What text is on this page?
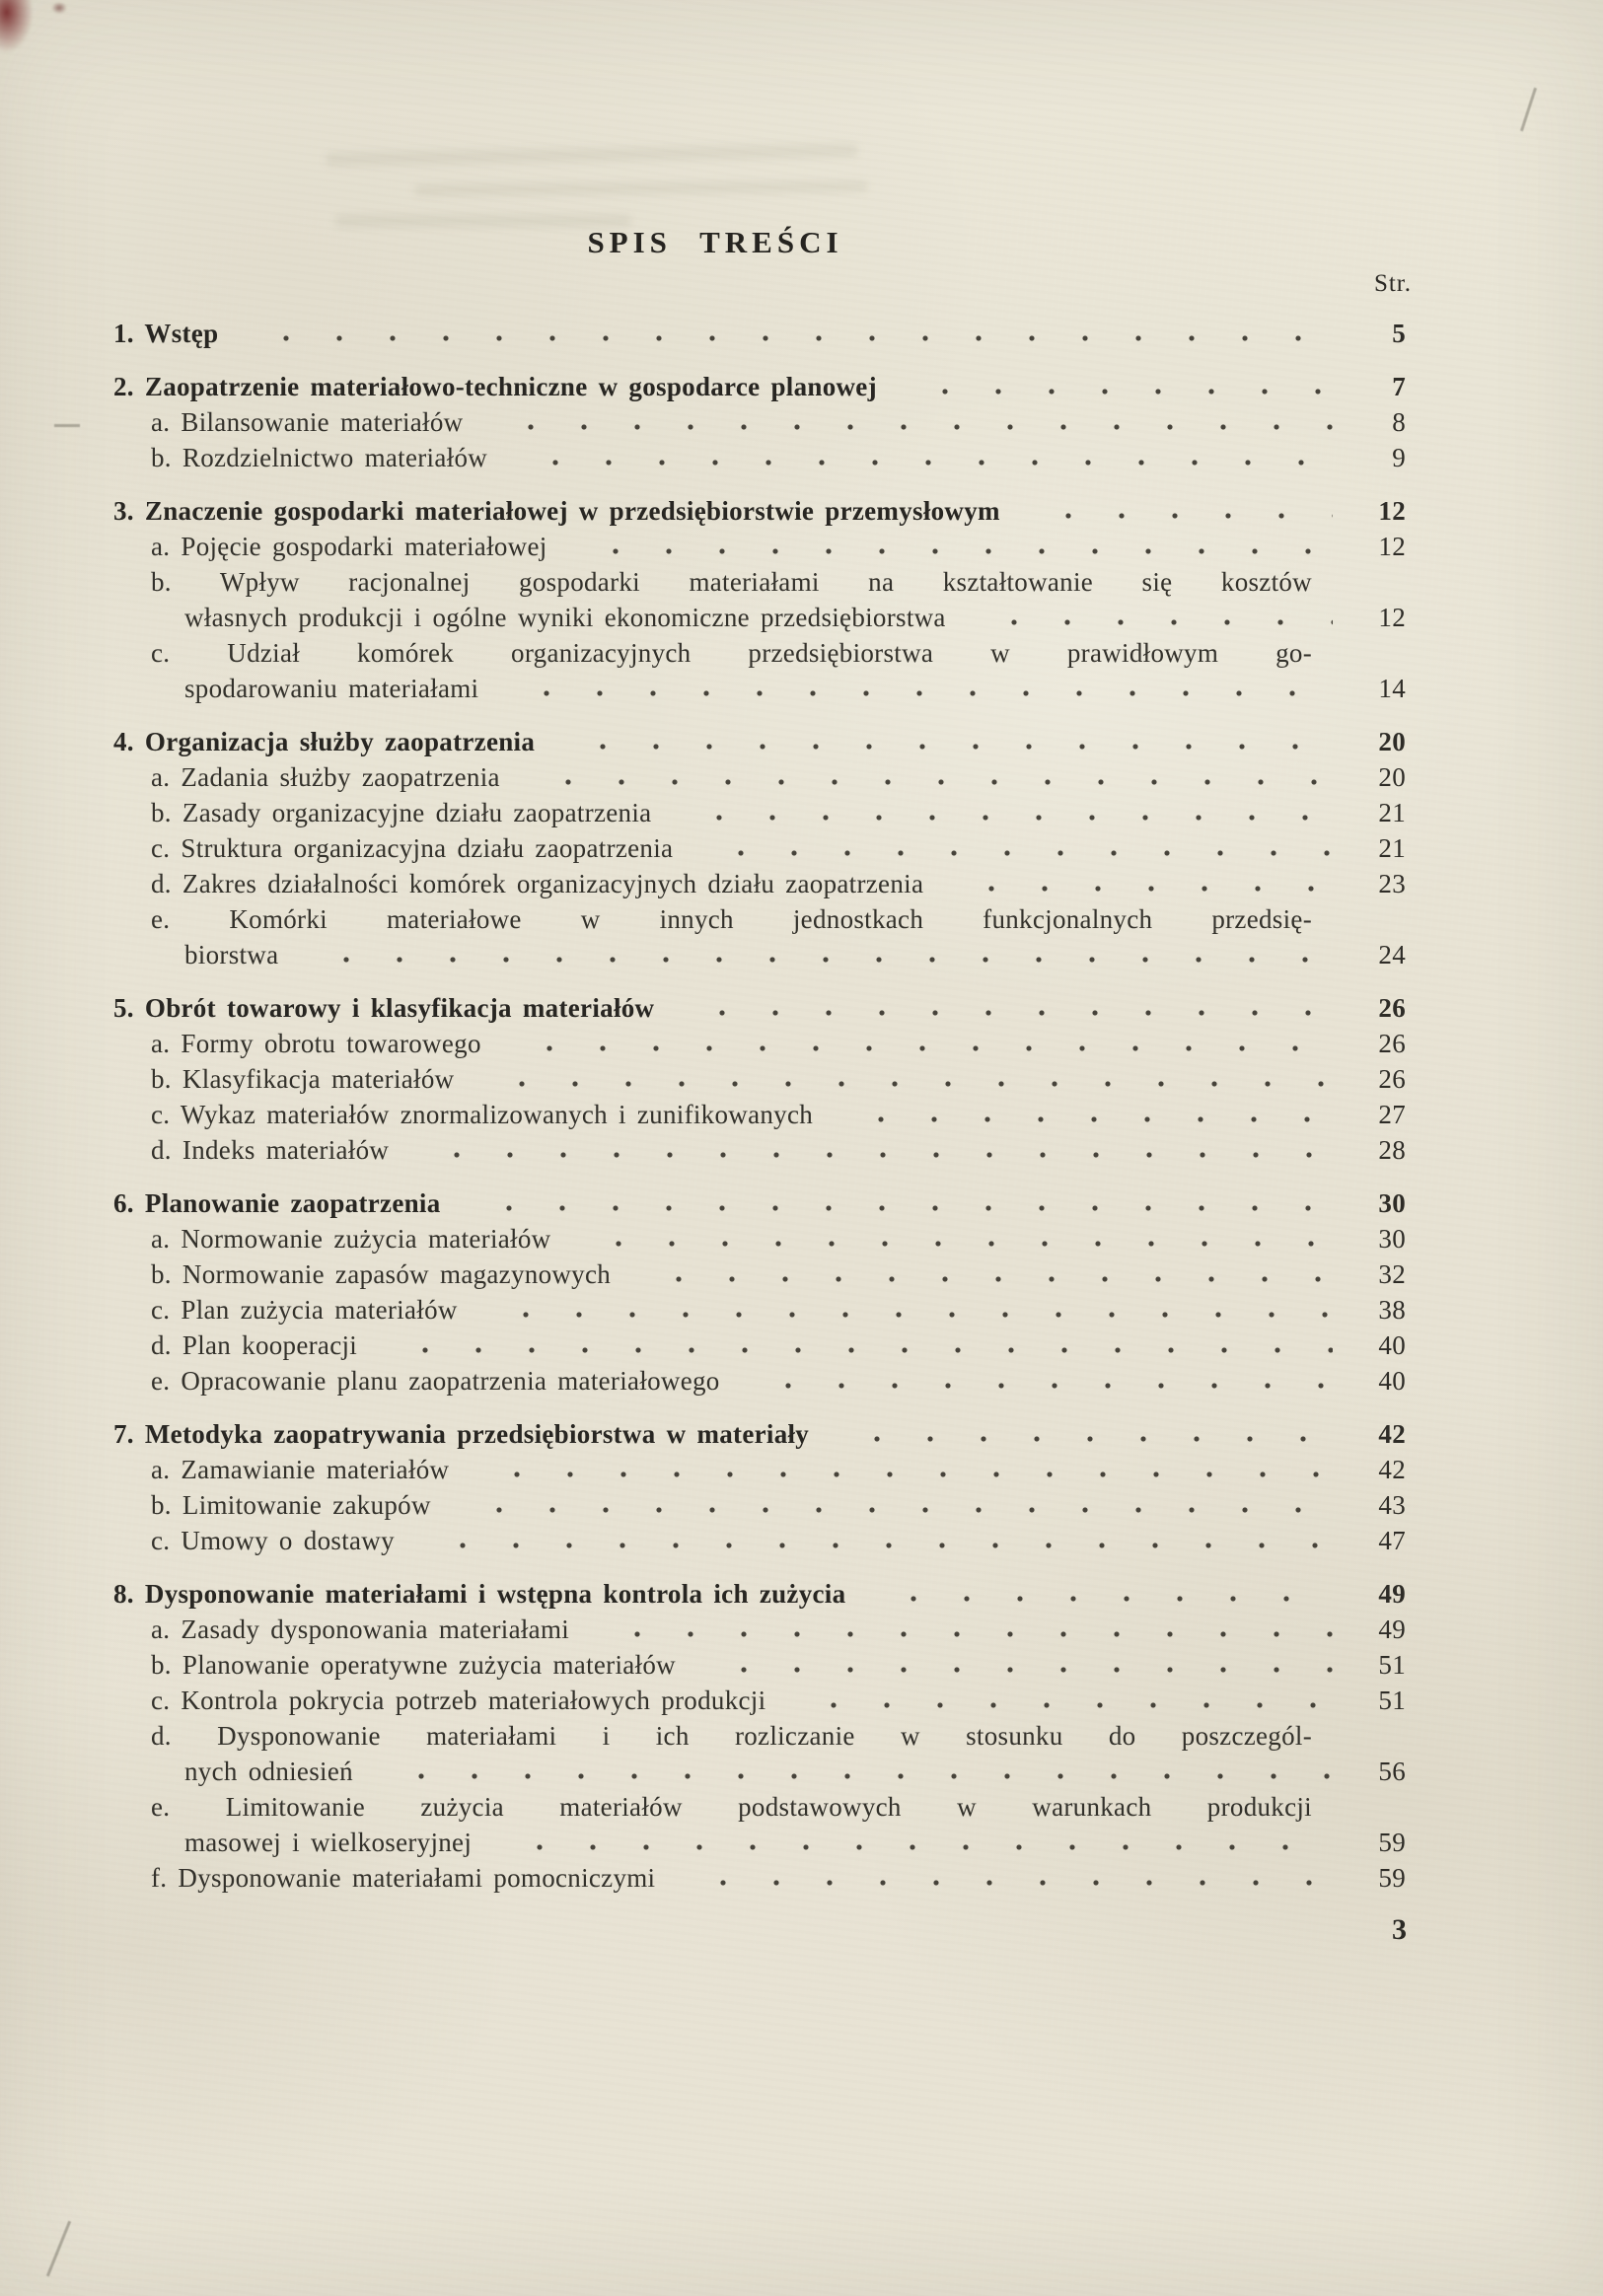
SPIS TREŚCI
Str.
1. Wstęp	5
2. Zaopatrzenie materiałowo-techniczne w gospodarce planowej	7
a. Bilansowanie materiałów	8
b. Rozdzielnictwo materiałów	9
3. Znaczenie gospodarki materiałowej w przedsiębiorstwie przemysłowym	12
a. Pojęcie gospodarki materiałowej	12
b. Wpływ racjonalnej gospodarki materiałami na kształtowanie się kosztów
własnych produkcji i ogólne wyniki ekonomiczne przedsiębiorstwa	12
c. Udział komórek organizacyjnych przedsiębiorstwa w prawidłowym go-
spodarowaniu materiałami	14
4. Organizacja służby zaopatrzenia	20
a. Zadania służby zaopatrzenia	20
b. Zasady organizacyjne działu zaopatrzenia	21
c. Struktura organizacyjna działu zaopatrzenia	21
d. Zakres działalności komórek organizacyjnych działu zaopatrzenia	23
e. Komórki materiałowe w innych jednostkach funkcjonalnych przedsię-
biorstwa	24
5. Obrót towarowy i klasyfikacja materiałów	26
a. Formy obrotu towarowego	26
b. Klasyfikacja materiałów	26
c. Wykaz materiałów znormalizowanych i zunifikowanych	27
d. Indeks materiałów	28
6. Planowanie zaopatrzenia	30
a. Normowanie zużycia materiałów	30
b. Normowanie zapasów magazynowych	32
c. Plan zużycia materiałów	38
d. Plan kooperacji	40
e. Opracowanie planu zaopatrzenia materiałowego	40
7. Metodyka zaopatrywania przedsiębiorstwa w materiały	42
a. Zamawianie materiałów	42
b. Limitowanie zakupów	43
c. Umowy o dostawy	47
8. Dysponowanie materiałami i wstępna kontrola ich zużycia	49
a. Zasady dysponowania materiałami	49
b. Planowanie operatywne zużycia materiałów	51
c. Kontrola pokrycia potrzeb materiałowych produkcji	51
d. Dysponowanie materiałami i ich rozliczanie w stosunku do poszczegól-
nych odniesień	56
e. Limitowanie zużycia materiałów podstawowych w warunkach produkcji
masowej i wielkoseryjnej	59
f. Dysponowanie materiałami pomocniczymi	59
3
